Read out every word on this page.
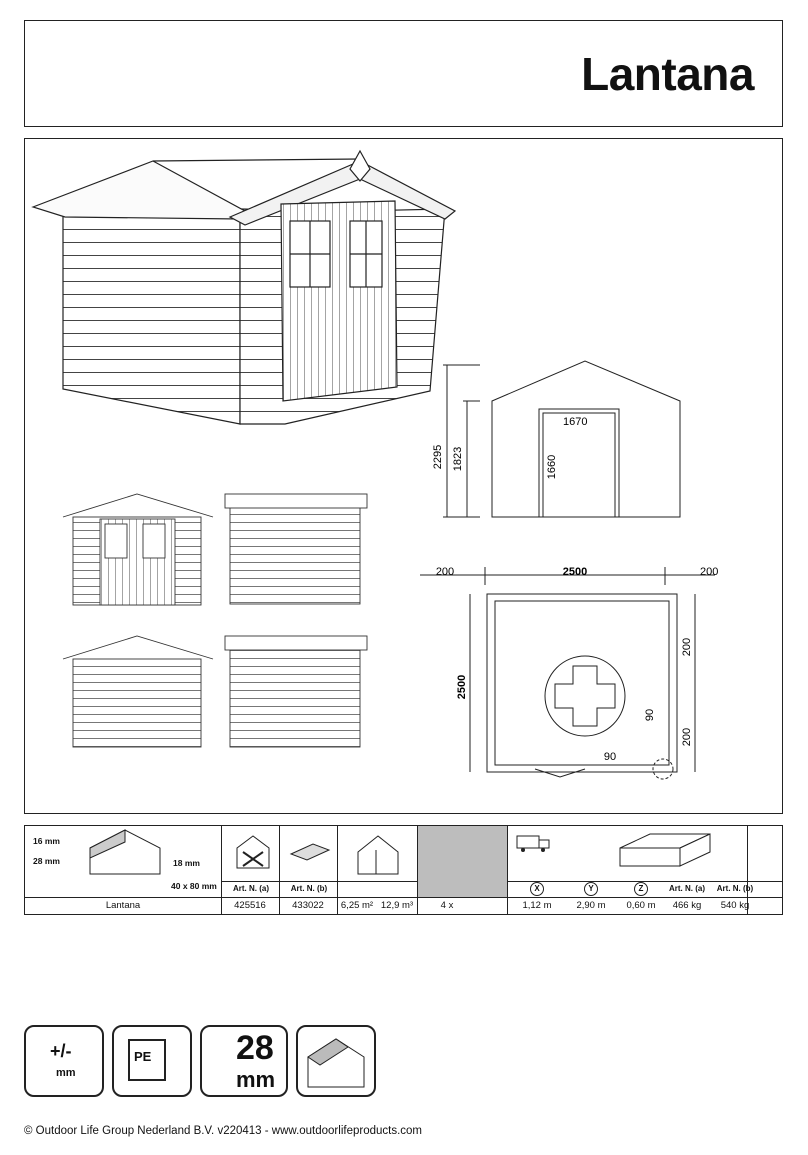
Lantana
2295 1823
1670
1660
200	2500	200
2500
200
200
90
90
16 mm
28 mm	18 mm
40 x 80 mm	Art. N. (a)	Art. N. (b)	X	Y	Z	Art. N. (a)	Art. N. (b)
Lantana	425516	433022	6,25 m² 12,9 m³	4 x	1,12 m	2,90 m	0,60 m	466 kg	540 kg
+/-
mm
PE 28
mm
© Outdoor Life Group Nederland B.V. v220413 - www.outdoorlifeproducts.com
